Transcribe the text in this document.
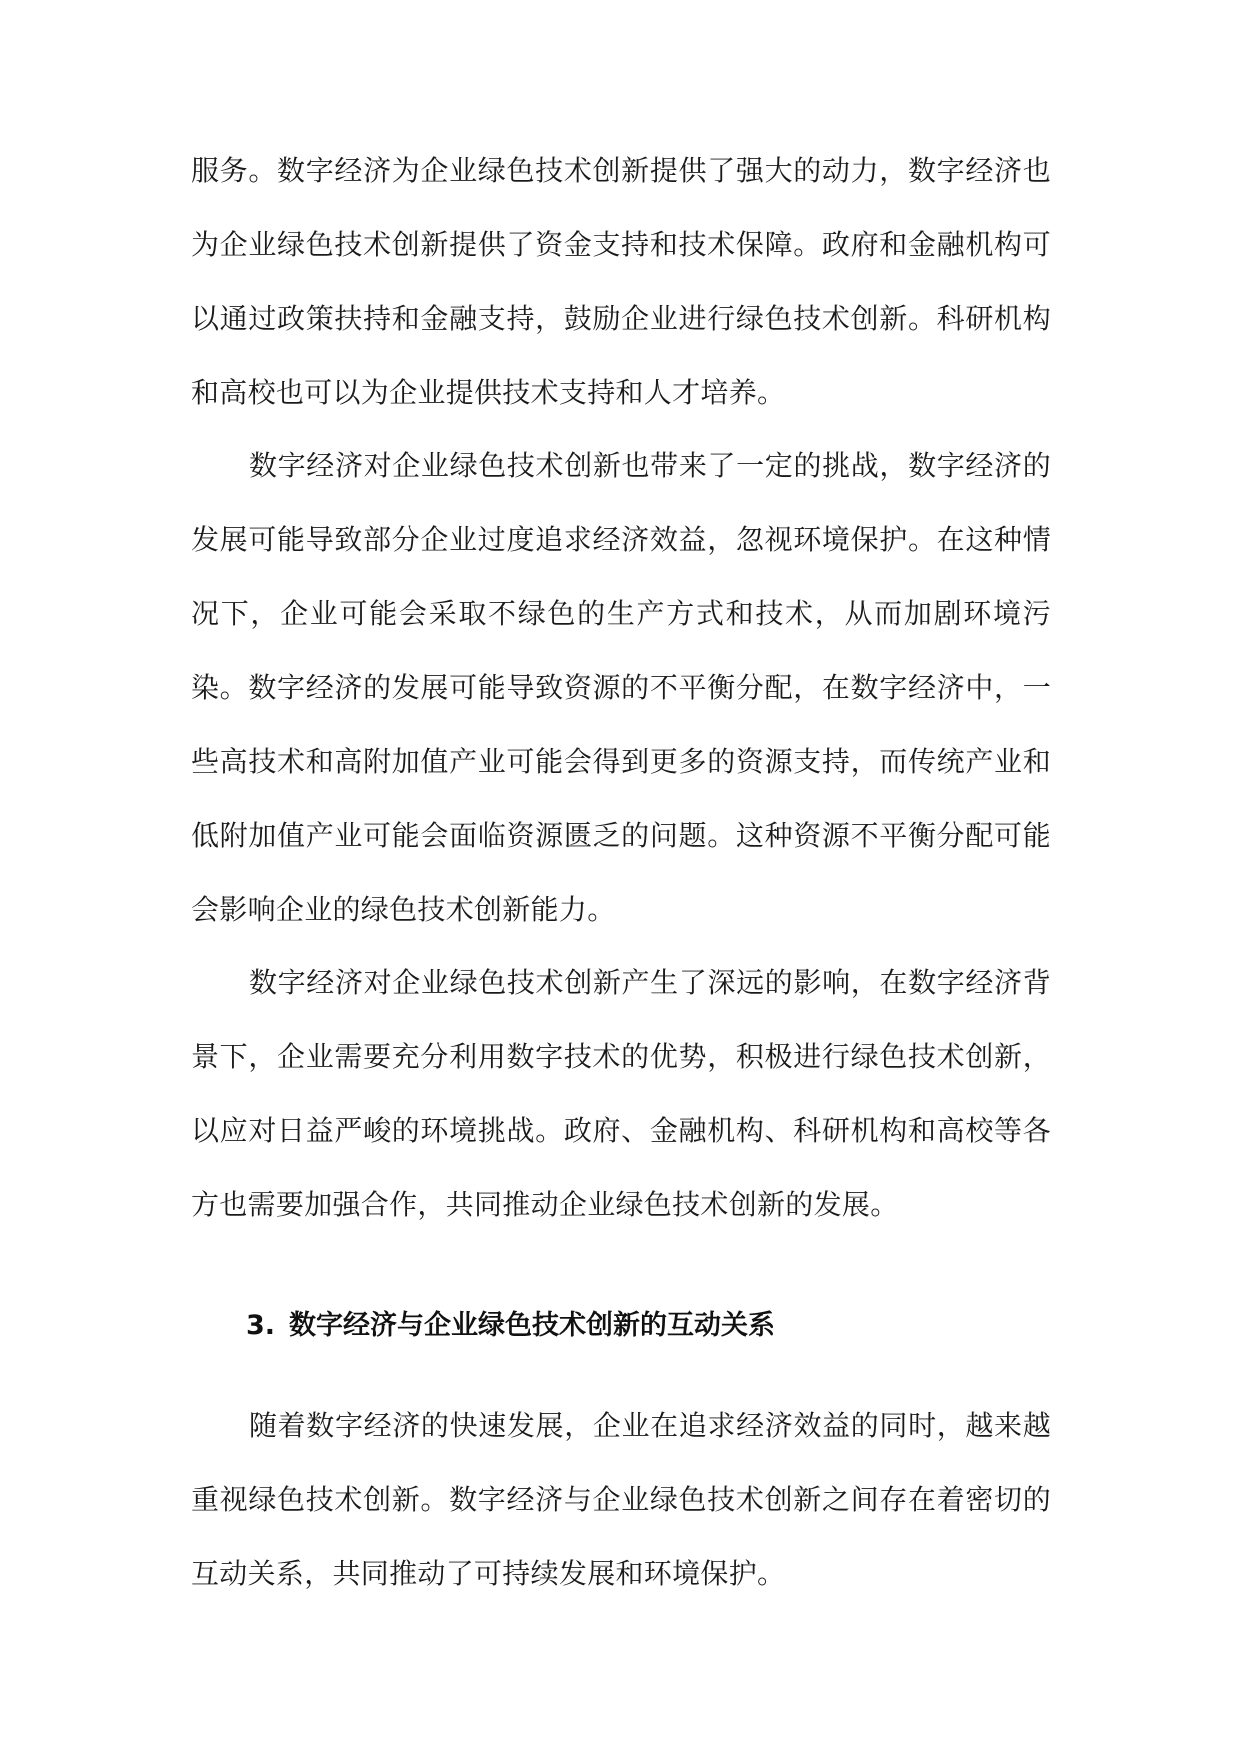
服务。数字经济为企业绿色技术创新提供了强大的动力，数字经济也为企业绿色技术创新提供了资金支持和技术保障。政府和金融机构可以通过政策扶持和金融支持，鼓励企业进行绿色技术创新。科研机构和高校也可以为企业提供技术支持和人才培养。

数字经济对企业绿色技术创新也带来了一定的挑战，数字经济的发展可能导致部分企业过度追求经济效益，忽视环境保护。在这种情况下，企业可能会采取不绿色的生产方式和技术，从而加剧环境污染。数字经济的发展可能导致资源的不平衡分配，在数字经济中，一些高技术和高附加值产业可能会得到更多的资源支持，而传统产业和低附加值产业可能会面临资源匮乏的问题。这种资源不平衡分配可能会影响企业的绿色技术创新能力。

数字经济对企业绿色技术创新产生了深远的影响，在数字经济背景下，企业需要充分利用数字技术的优势，积极进行绿色技术创新，以应对日益严峻的环境挑战。政府、金融机构、科研机构和高校等各方也需要加强合作，共同推动企业绿色技术创新的发展。

3. 数字经济与企业绿色技术创新的互动关系

随着数字经济的快速发展，企业在追求经济效益的同时，越来越重视绿色技术创新。数字经济与企业绿色技术创新之间存在着密切的互动关系，共同推动了可持续发展和环境保护。
